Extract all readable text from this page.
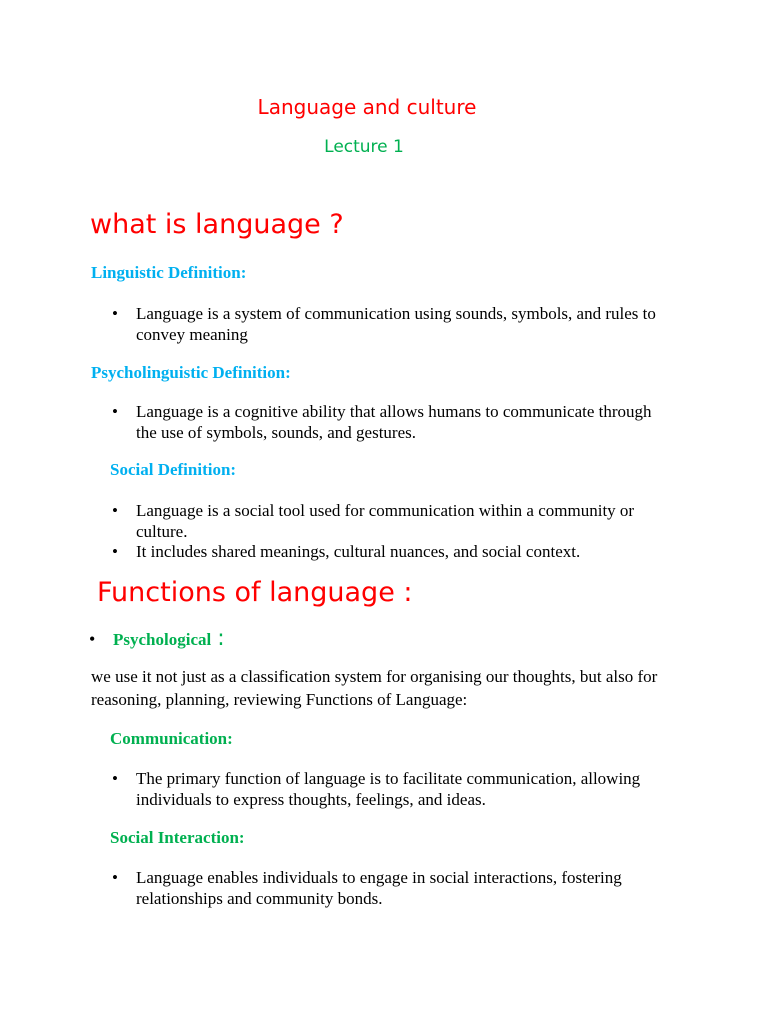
Language and culture
Lecture 1
what is language ?
Linguistic Definition:
•	Language is a system of communication using sounds, symbols, and rules to convey meaning
Psycholinguistic Definition:
•	Language is a cognitive ability that allows humans to communicate through the use of symbols, sounds, and gestures.
Social Definition:
•	Language is a social tool used for communication within a community or culture.
•	It includes shared meanings, cultural nuances, and social context.
Functions of language :
• Psychological :
we use it not just as a classification system for organising our thoughts, but also for reasoning, planning, reviewing Functions of Language:
Communication:
•	The primary function of language is to facilitate communication, allowing individuals to express thoughts, feelings, and ideas.
Social Interaction:
•	Language enables individuals to engage in social interactions, fostering relationships and community bonds.
